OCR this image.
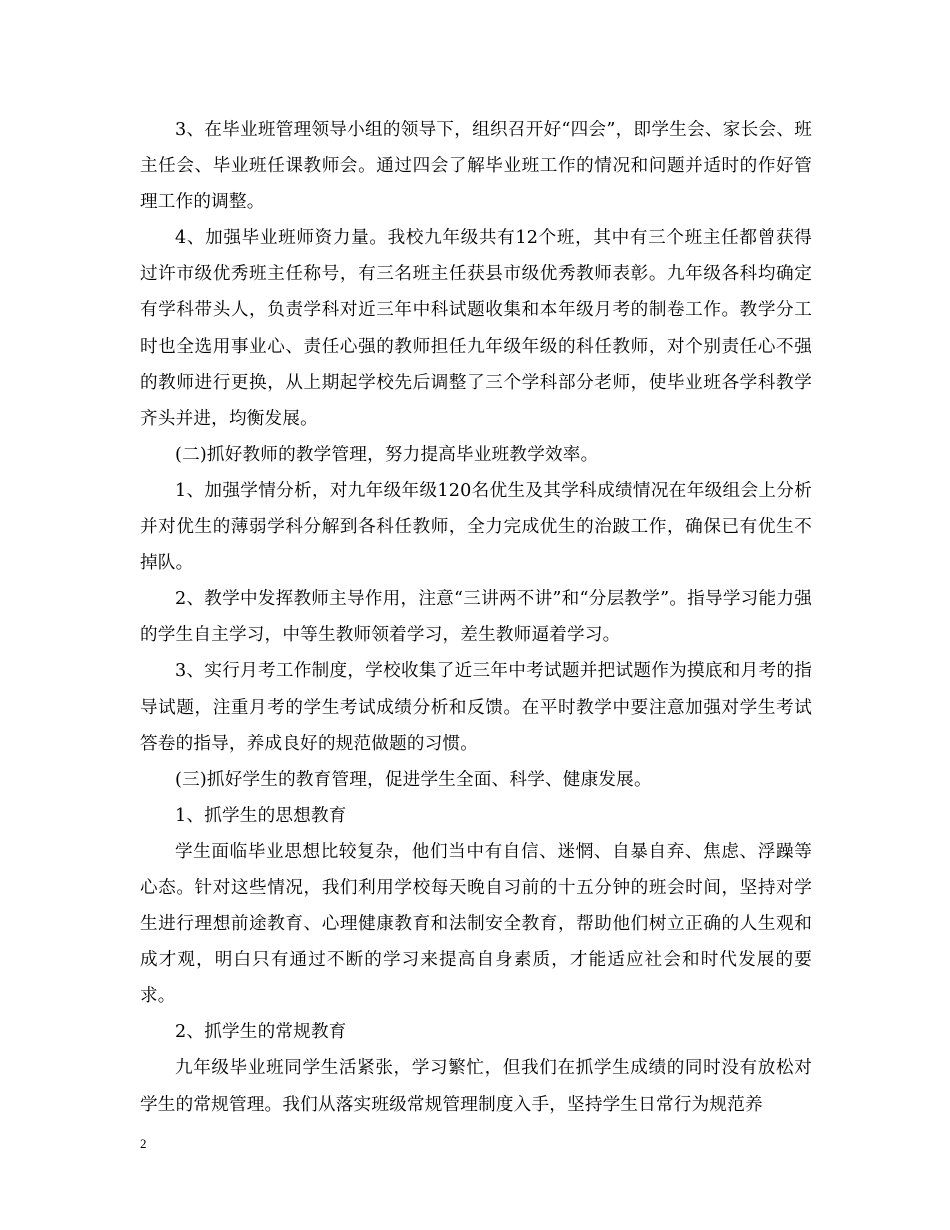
3、在毕业班管理领导小组的领导下，组织召开好“四会”，即学生会、家长会、班主任会、毕业班任课教师会。通过四会了解毕业班工作的情况和问题并适时的作好管理工作的调整。

4、加强毕业班师资力量。我校九年级共有12个班，其中有三个班主任都曾获得过许市级优秀班主任称号，有三名班主任获县市级优秀教师表彰。九年级各科均确定有学科带头人，负责学科对近三年中科试题收集和本年级月考的制卷工作。教学分工时也全选用事业心、责任心强的教师担任九年级年级的科任教师，对个别责任心不强的教师进行更换，从上期起学校先后调整了三个学科部分老师，使毕业班各学科教学齐头并进，均衡发展。

(二)抓好教师的教学管理，努力提高毕业班教学效率。

1、加强学情分析，对九年级年级120名优生及其学科成绩情况在年级组会上分析并对优生的薄弱学科分解到各科任教师，全力完成优生的治跛工作，确保已有优生不掉队。

2、教学中发挥教师主导作用，注意“三讲两不讲”和“分层教学”。指导学习能力强的学生自主学习，中等生教师领着学习，差生教师逼着学习。

3、实行月考工作制度，学校收集了近三年中考试题并把试题作为摸底和月考的指导试题，注重月考的学生考试成绩分析和反馈。在平时教学中要注意加强对学生考试答卷的指导，养成良好的规范做题的习惯。

(三)抓好学生的教育管理，促进学生全面、科学、健康发展。

1、抓学生的思想教育

学生面临毕业思想比较复杂，他们当中有自信、迷惘、自暴自弃、焦虑、浮躁等心态。针对这些情况，我们利用学校每天晚自习前的十五分钟的班会时间，坚持对学生进行理想前途教育、心理健康教育和法制安全教育，帮助他们树立正确的人生观和成才观，明白只有通过不断的学习来提高自身素质，才能适应社会和时代发展的要求。

2、抓学生的常规教育

九年级毕业班同学生活紧张，学习繁忙，但我们在抓学生成绩的同时没有放松对学生的常规管理。我们从落实班级常规管理制度入手，坚持学生日常行为规范养

2
